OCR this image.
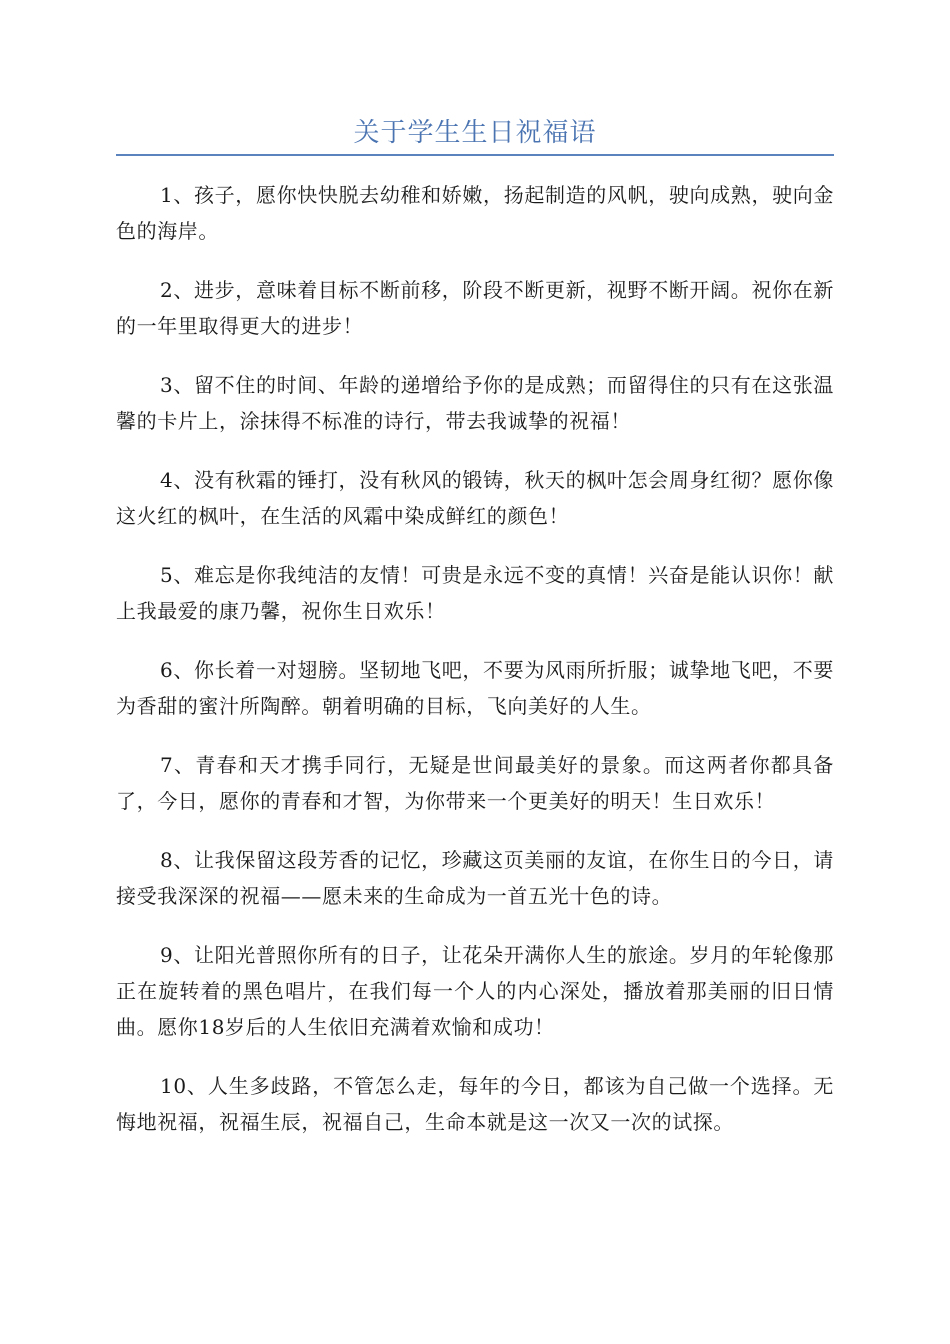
关于学生生日祝福语

1、孩子，愿你快快脱去幼稚和娇嫩，扬起制造的风帆，驶向成熟，驶向金色的海岸。

2、进步，意味着目标不断前移，阶段不断更新，视野不断开阔。祝你在新的一年里取得更大的进步！

3、留不住的时间、年龄的递增给予你的是成熟；而留得住的只有在这张温馨的卡片上，涂抹得不标准的诗行，带去我诚挚的祝福！

4、没有秋霜的锤打，没有秋风的锻铸，秋天的枫叶怎会周身红彻？愿你像这火红的枫叶，在生活的风霜中染成鲜红的颜色！

5、难忘是你我纯洁的友情！可贵是永远不变的真情！兴奋是能认识你！献上我最爱的康乃馨，祝你生日欢乐！

6、你长着一对翅膀。坚韧地飞吧，不要为风雨所折服；诚挚地飞吧，不要为香甜的蜜汁所陶醉。朝着明确的目标，飞向美好的人生。

7、青春和天才携手同行，无疑是世间最美好的景象。而这两者你都具备了，今日，愿你的青春和才智，为你带来一个更美好的明天！生日欢乐！

8、让我保留这段芳香的记忆，珍藏这页美丽的友谊，在你生日的今日，请接受我深深的祝福——愿未来的生命成为一首五光十色的诗。

9、让阳光普照你所有的日子，让花朵开满你人生的旅途。岁月的年轮像那正在旋转着的黑色唱片，在我们每一个人的内心深处，播放着那美丽的旧日情曲。愿你18岁后的人生依旧充满着欢愉和成功！

10、人生多歧路，不管怎么走，每年的今日，都该为自己做一个选择。无悔地祝福，祝福生辰，祝福自己，生命本就是这一次又一次的试探。
